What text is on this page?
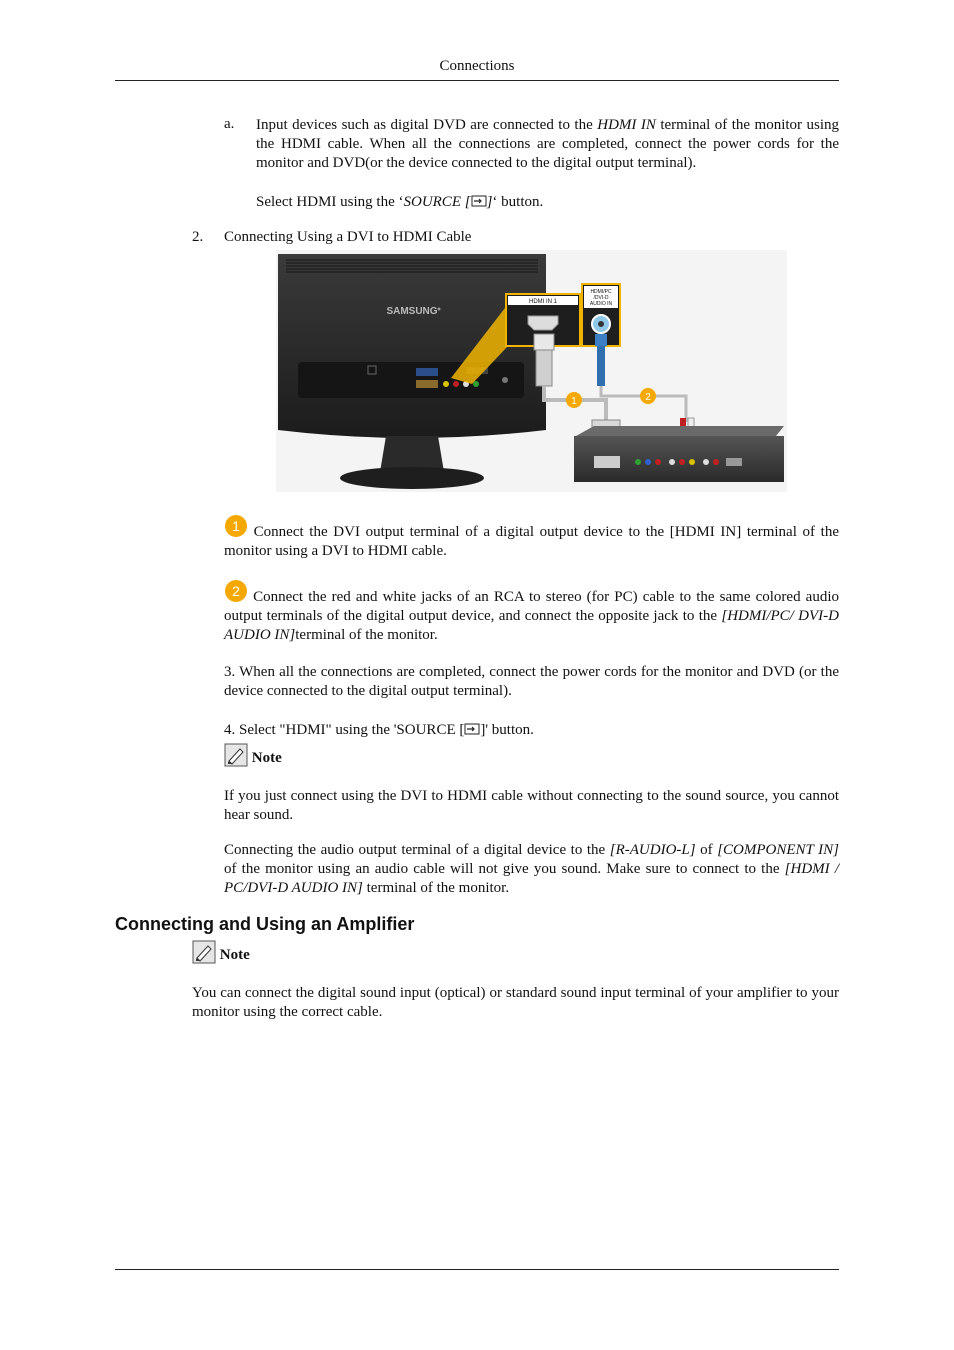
Connections
a. Input devices such as digital DVD are connected to the HDMI IN terminal of the monitor using the HDMI cable. When all the connections are completed, connect the power cords for the monitor and DVD(or the device connected to the digital output terminal).
Select HDMI using the ‘SOURCE [ ]‘ button.
2. Connecting Using a DVI to HDMI Cable
SAMSUNG
HDMI IN 1
HDMI/PC
/DVI-D
AUDIO IN
1	2
1 Connect the DVI output terminal of a digital output device to the [HDMI IN] terminal of the monitor using a DVI to HDMI cable.
2 Connect the red and white jacks of an RCA to stereo (for PC) cable to the same colored audio output terminals of the digital output device, and connect the opposite jack to the [HDMI/PC/ DVI-D AUDIO IN]terminal of the monitor.
3. When all the connections are completed, connect the power cords for the monitor and DVD (or the device connected to the digital output terminal).
4. Select "HDMI" using the 'SOURCE [ ]' button.
Note
If you just connect using the DVI to HDMI cable without connecting to the sound source, you cannot hear sound.
Connecting the audio output terminal of a digital device to the [R-AUDIO-L] of [COMPONENT IN] of the monitor using an audio cable will not give you sound. Make sure to connect to the [HDMI / PC/DVI-D AUDIO IN] terminal of the monitor.
Connecting and Using an Amplifier
Note
You can connect the digital sound input (optical) or standard sound input terminal of your amplifier to your monitor using the correct cable.
